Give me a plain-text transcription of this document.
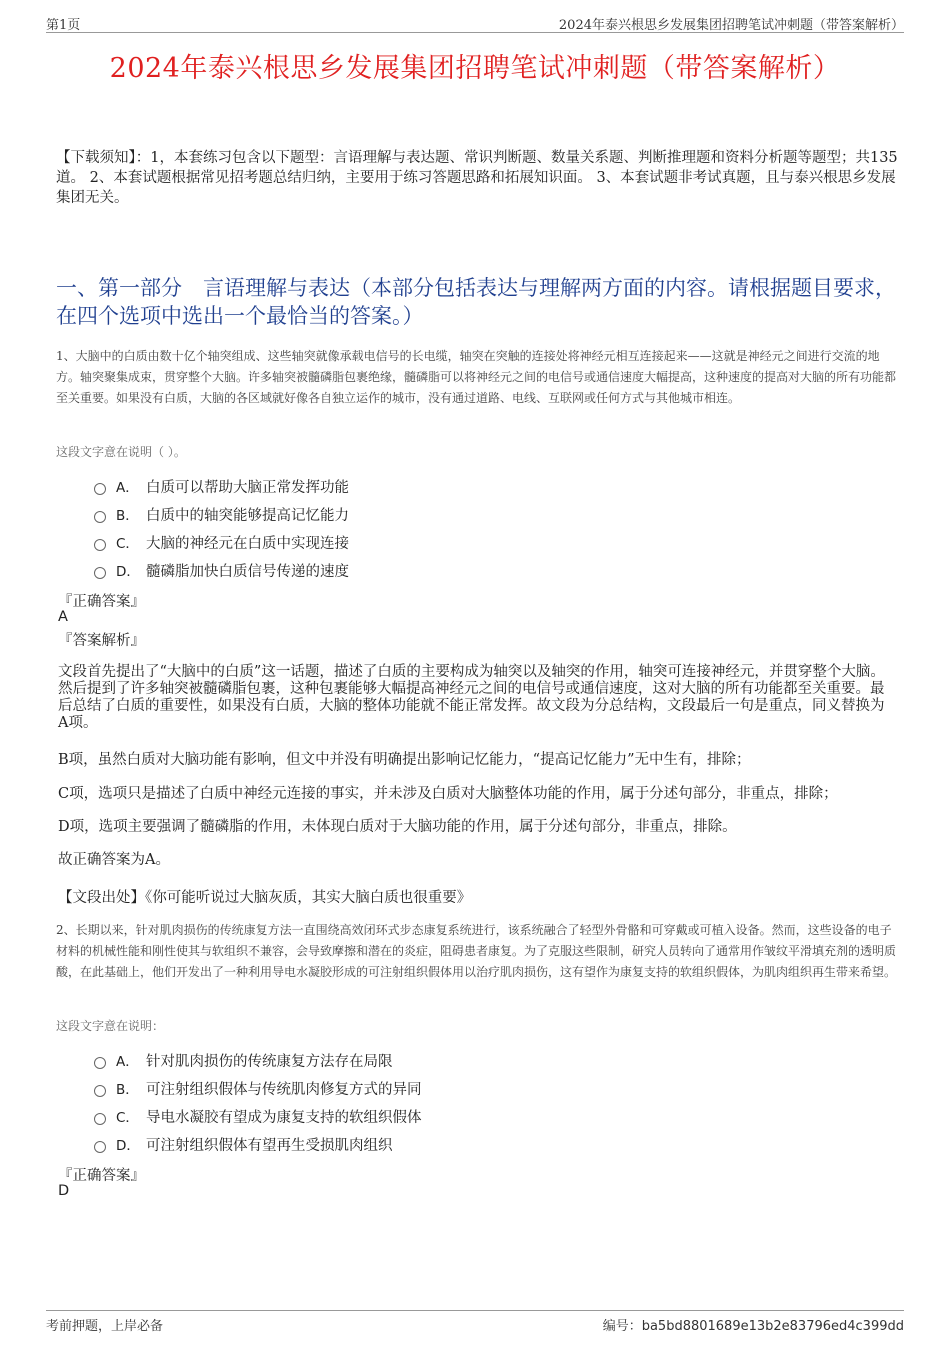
第1页	2024年泰兴根思乡发展集团招聘笔试冲刺题（带答案解析）
2024年泰兴根思乡发展集团招聘笔试冲刺题（带答案解析）
【下载须知】：1，本套练习包含以下题型：言语理解与表达题、常识判断题、数量关系题、判断推理题和资料分析题等题型；共135道。 2、本套试题根据常见招考题总结归纳，主要用于练习答题思路和拓展知识面。 3、本套试题非考试真题，且与泰兴根思乡发展集团无关。
一、第一部分　言语理解与表达（本部分包括表达与理解两方面的内容。请根据题目要求，在四个选项中选出一个最恰当的答案。）
1、大脑中的白质由数十亿个轴突组成、这些轴突就像承载电信号的长电缆，轴突在突触的连接处将神经元相互连接起来——这就是神经元之间进行交流的地方。轴突聚集成束，贯穿整个大脑。许多轴突被髓磷脂包裹绝缘，髓磷脂可以将神经元之间的电信号或通信速度大幅提高，这种速度的提高对大脑的所有功能都至关重要。如果没有白质，大脑的各区域就好像各自独立运作的城市，没有通过道路、电线、互联网或任何方式与其他城市相连。
这段文字意在说明（ ）。
A． 白质可以帮助大脑正常发挥功能
B． 白质中的轴突能够提高记忆能力
C． 大脑的神经元在白质中实现连接
D． 髓磷脂加快白质信号传递的速度
『正确答案』
A
『答案解析』
文段首先提出了“大脑中的白质”这一话题，描述了白质的主要构成为轴突以及轴突的作用，轴突可连接神经元，并贯穿整个大脑。然后提到了许多轴突被髓磷脂包裹，这种包裹能够大幅提高神经元之间的电信号或通信速度，这对大脑的所有功能都至关重要。最后总结了白质的重要性，如果没有白质，大脑的整体功能就不能正常发挥。故文段为分总结构，文段最后一句是重点，同义替换为A项。
B项，虽然白质对大脑功能有影响，但文中并没有明确提出影响记忆能力，“提高记忆能力”无中生有，排除；
C项，选项只是描述了白质中神经元连接的事实，并未涉及白质对大脑整体功能的作用，属于分述句部分，非重点，排除；
D项，选项主要强调了髓磷脂的作用，未体现白质对于大脑功能的作用，属于分述句部分，非重点，排除。
故正确答案为A。
【文段出处】《你可能听说过大脑灰质，其实大脑白质也很重要》
2、长期以来，针对肌肉损伤的传统康复方法一直围绕高效闭环式步态康复系统进行，该系统融合了轻型外骨骼和可穿戴或可植入设备。然而，这些设备的电子材料的机械性能和刚性使其与软组织不兼容，会导致摩擦和潜在的炎症，阻碍患者康复。为了克服这些限制，研究人员转向了通常用作皱纹平滑填充剂的透明质酸，在此基础上，他们开发出了一种利用导电水凝胶形成的可注射组织假体用以治疗肌肉损伤，这有望作为康复支持的软组织假体，为肌肉组织再生带来希望。
这段文字意在说明：
A． 针对肌肉损伤的传统康复方法存在局限
B． 可注射组织假体与传统肌肉修复方式的异同
C． 导电水凝胶有望成为康复支持的软组织假体
D． 可注射组织假体有望再生受损肌肉组织
『正确答案』
D
考前押题，上岸必备	编号：ba5bd8801689e13b2e83796ed4c399dd
